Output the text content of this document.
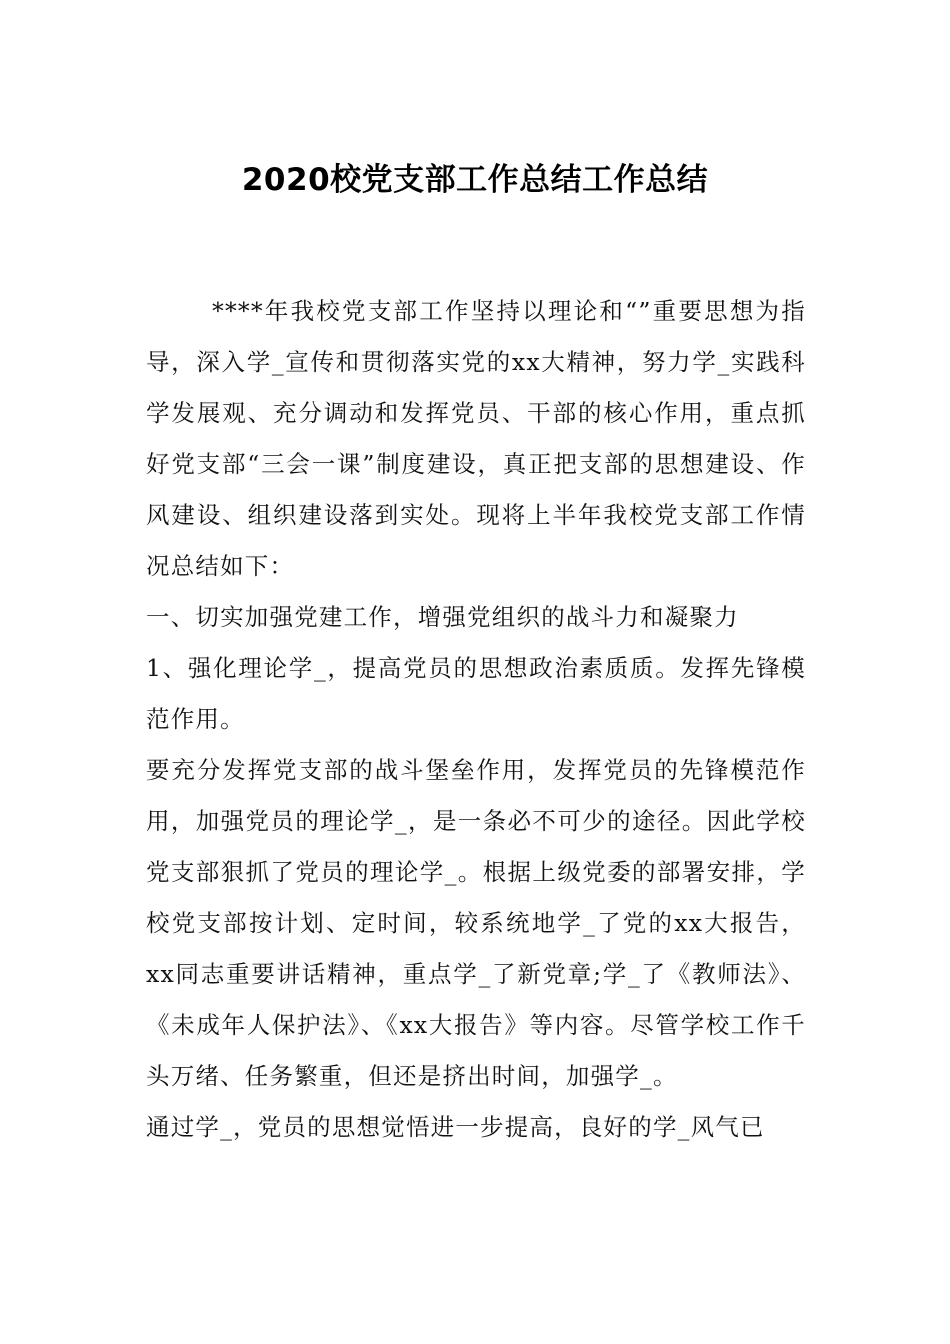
2020校党支部工作总结工作总结

****年我校党支部工作坚持以理论和“”重要思想为指导，深入学_宣传和贯彻落实党的xx大精神，努力学_实践科学发展观、充分调动和发挥党员、干部的核心作用，重点抓好党支部“三会一课”制度建设，真正把支部的思想建设、作风建设、组织建设落到实处。现将上半年我校党支部工作情况总结如下：

一、切实加强党建工作，增强党组织的战斗力和凝聚力

1、强化理论学_，提高党员的思想政治素质质。发挥先锋模范作用。

要充分发挥党支部的战斗堡垒作用，发挥党员的先锋模范作用，加强党员的理论学_，是一条必不可少的途径。因此学校党支部狠抓了党员的理论学_。根据上级党委的部署安排，学校党支部按计划、定时间，较系统地学_了党的xx大报告，xx同志重要讲话精神，重点学_了新党章;学_了《教师法》、《未成年人保护法》、《xx大报告》等内容。尽管学校工作千头万绪、任务繁重，但还是挤出时间，加强学_。

通过学_，党员的思想觉悟进一步提高，良好的学_风气已
